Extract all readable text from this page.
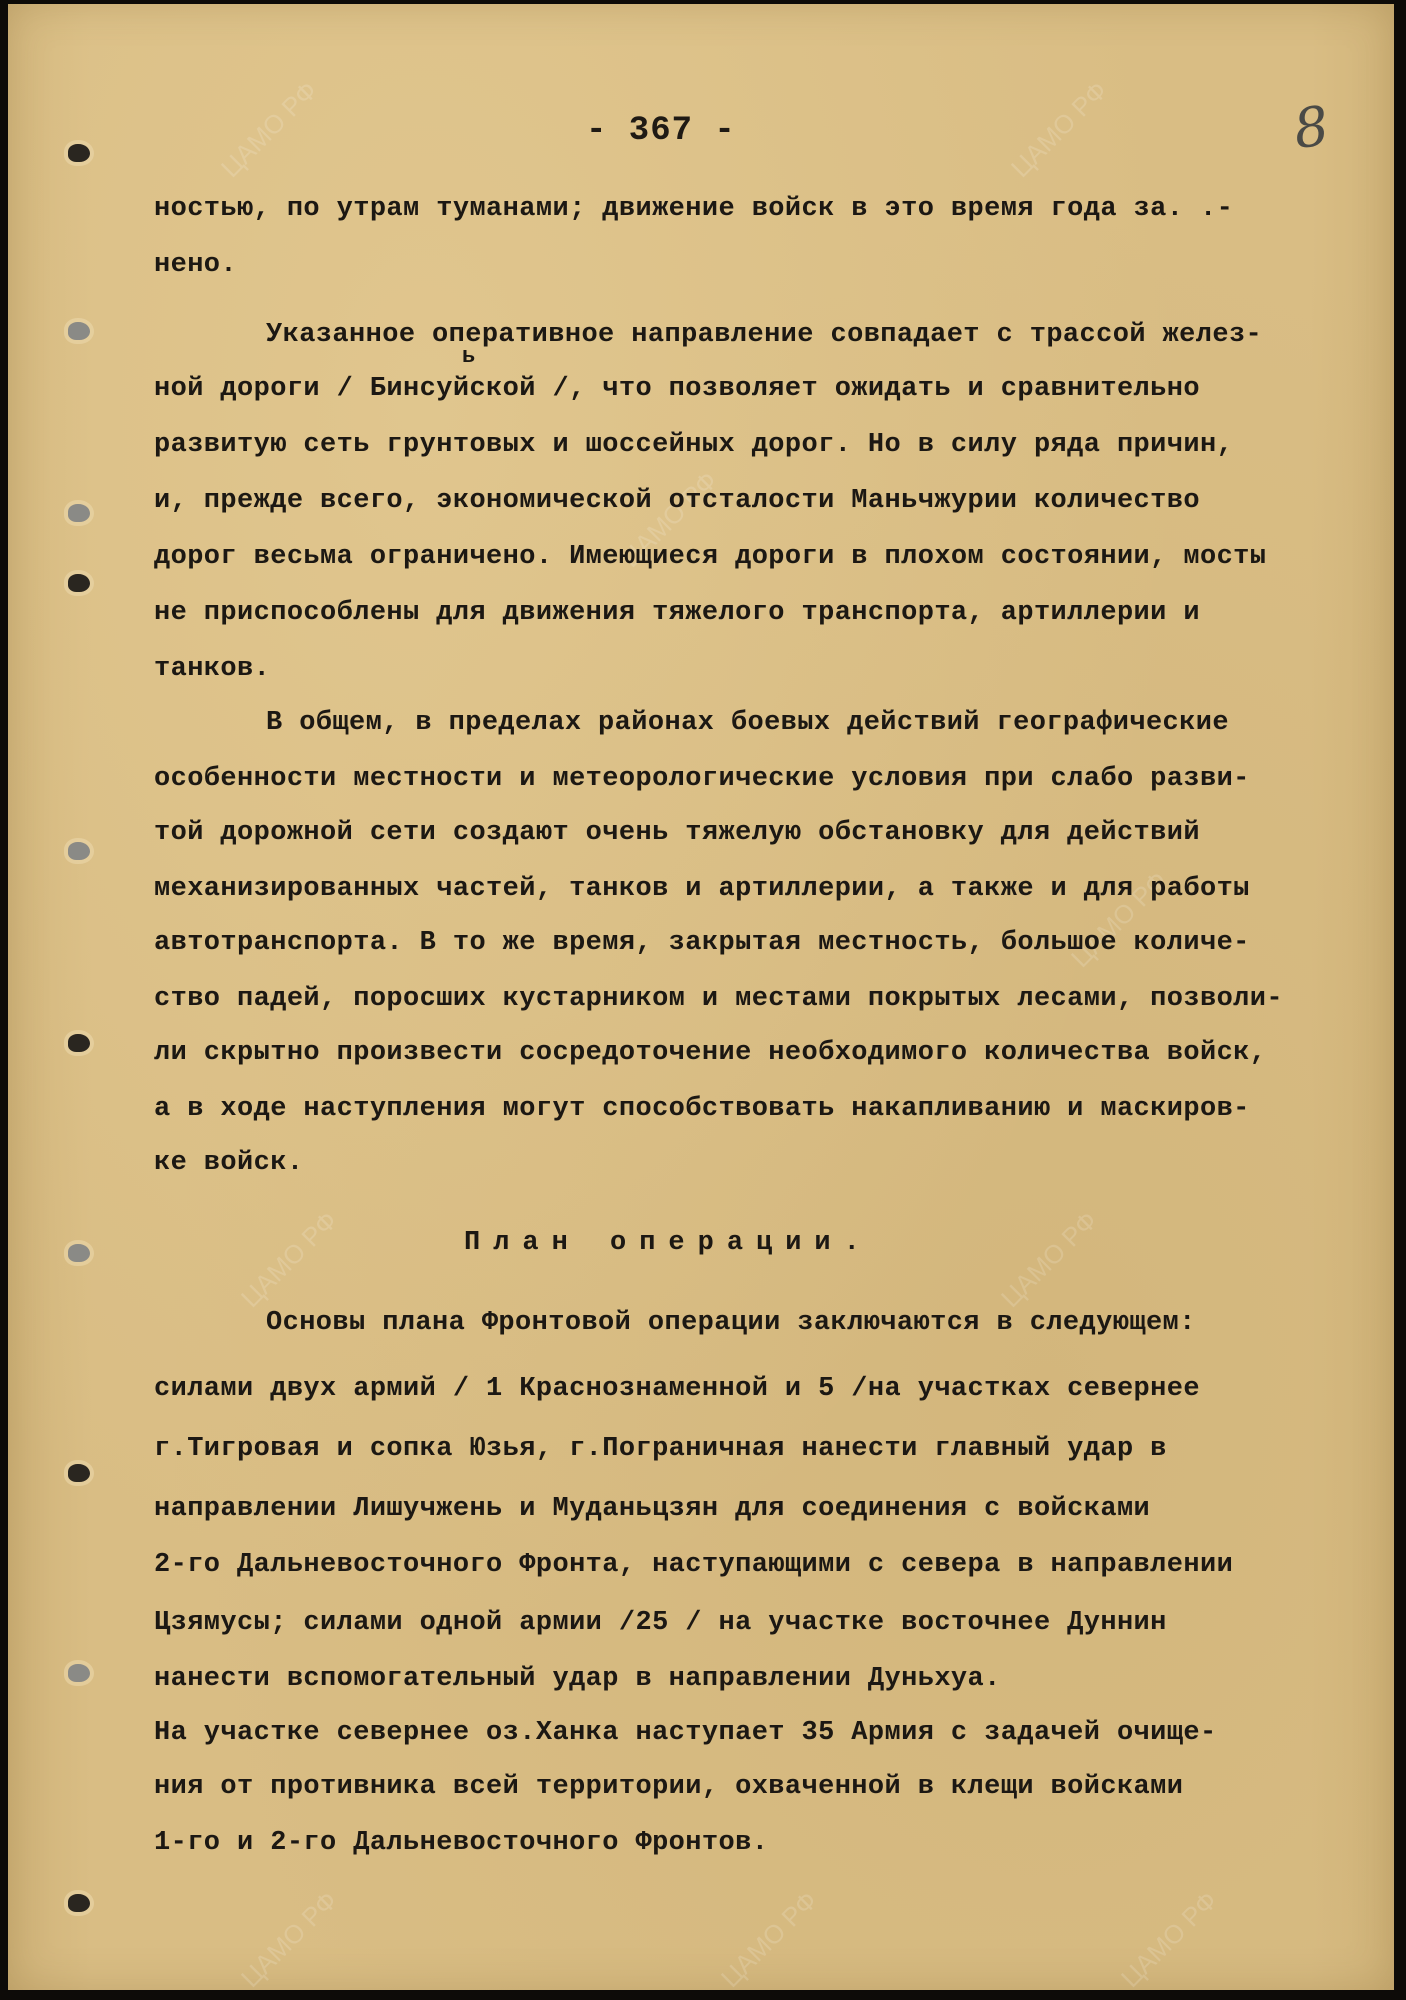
ЦАМО РФ	ЦАМО РФ
ЦАМО РФ
ЦАМО РФ
ЦАМО РФ	ЦАМО РФ
ЦАМО РФ	ЦАМО РФ	ЦАМО РФ
- 367 -	8
ностью, по утрам туманами; движение войск в это время года за. .-
нено.
Указанное оперативное направление совпадает с трассой желез-
ь
ной дороги / Бинсуйской /, что позволяет ожидать и сравнительно
развитую сеть грунтовых и шоссейных дорог. Но в силу ряда причин,
и, прежде всего, экономической отсталости Маньчжурии количество
дорог весьма ограничено. Имеющиеся дороги в плохом состоянии, мосты
не приспособлены для движения тяжелого транспорта, артиллерии и
танков.
В общем, в пределах районах боевых действий географические
особенности местности и метеорологические условия при слабо разви-
той дорожной сети создают очень тяжелую обстановку для действий
механизированных частей, танков и артиллерии, а также и для работы
автотранспорта. В то же время, закрытая местность, большое количе-
ство падей, поросших кустарником и местами покрытых лесами, позволи-
ли скрытно произвести сосредоточение необходимого количества войск,
а в ходе наступления могут способствовать накапливанию и маскиров-
ке войск.
План операции.
Основы плана Фронтовой операции заключаются в следующем:
силами двух армий / 1 Краснознаменной и 5 /на участках севернее
г.Тигровая и сопка Юзья, г.Пограничная нанести главный удар в
направлении Лишучжень и Муданьцзян для соединения с войсками
2-го Дальневосточного Фронта, наступающими с севера в направлении
Цзямусы; силами одной армии /25 / на участке восточнее Дуннин
нанести вспомогательный удар в направлении Дуньхуа.
На участке севернее оз.Ханка наступает 35 Армия с задачей очище-
ния от противника всей территории, охваченной в клещи войсками
1-го и 2-го Дальневосточного Фронтов.
